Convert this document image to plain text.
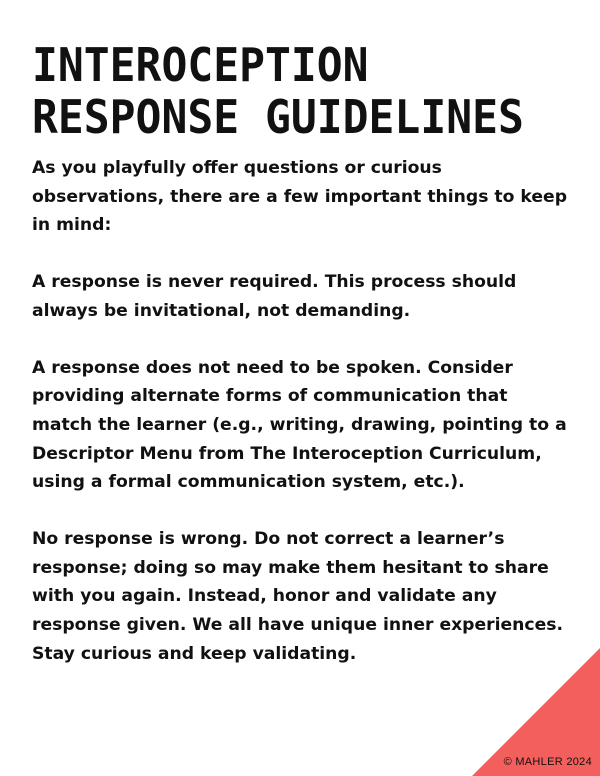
INTEROCEPTION RESPONSE GUIDELINES

As you playfully offer questions or curious observations, there are a few important things to keep in mind:

A response is never required. This process should always be invitational, not demanding.

A response does not need to be spoken. Consider providing alternate forms of communication that match the learner (e.g., writing, drawing, pointing to a Descriptor Menu from The Interoception Curriculum, using a formal communication system, etc.).

No response is wrong. Do not correct a learner’s response; doing so may make them hesitant to share with you again. Instead, honor and validate any response given. We all have unique inner experiences. Stay curious and keep validating.

© MAHLER 2024
